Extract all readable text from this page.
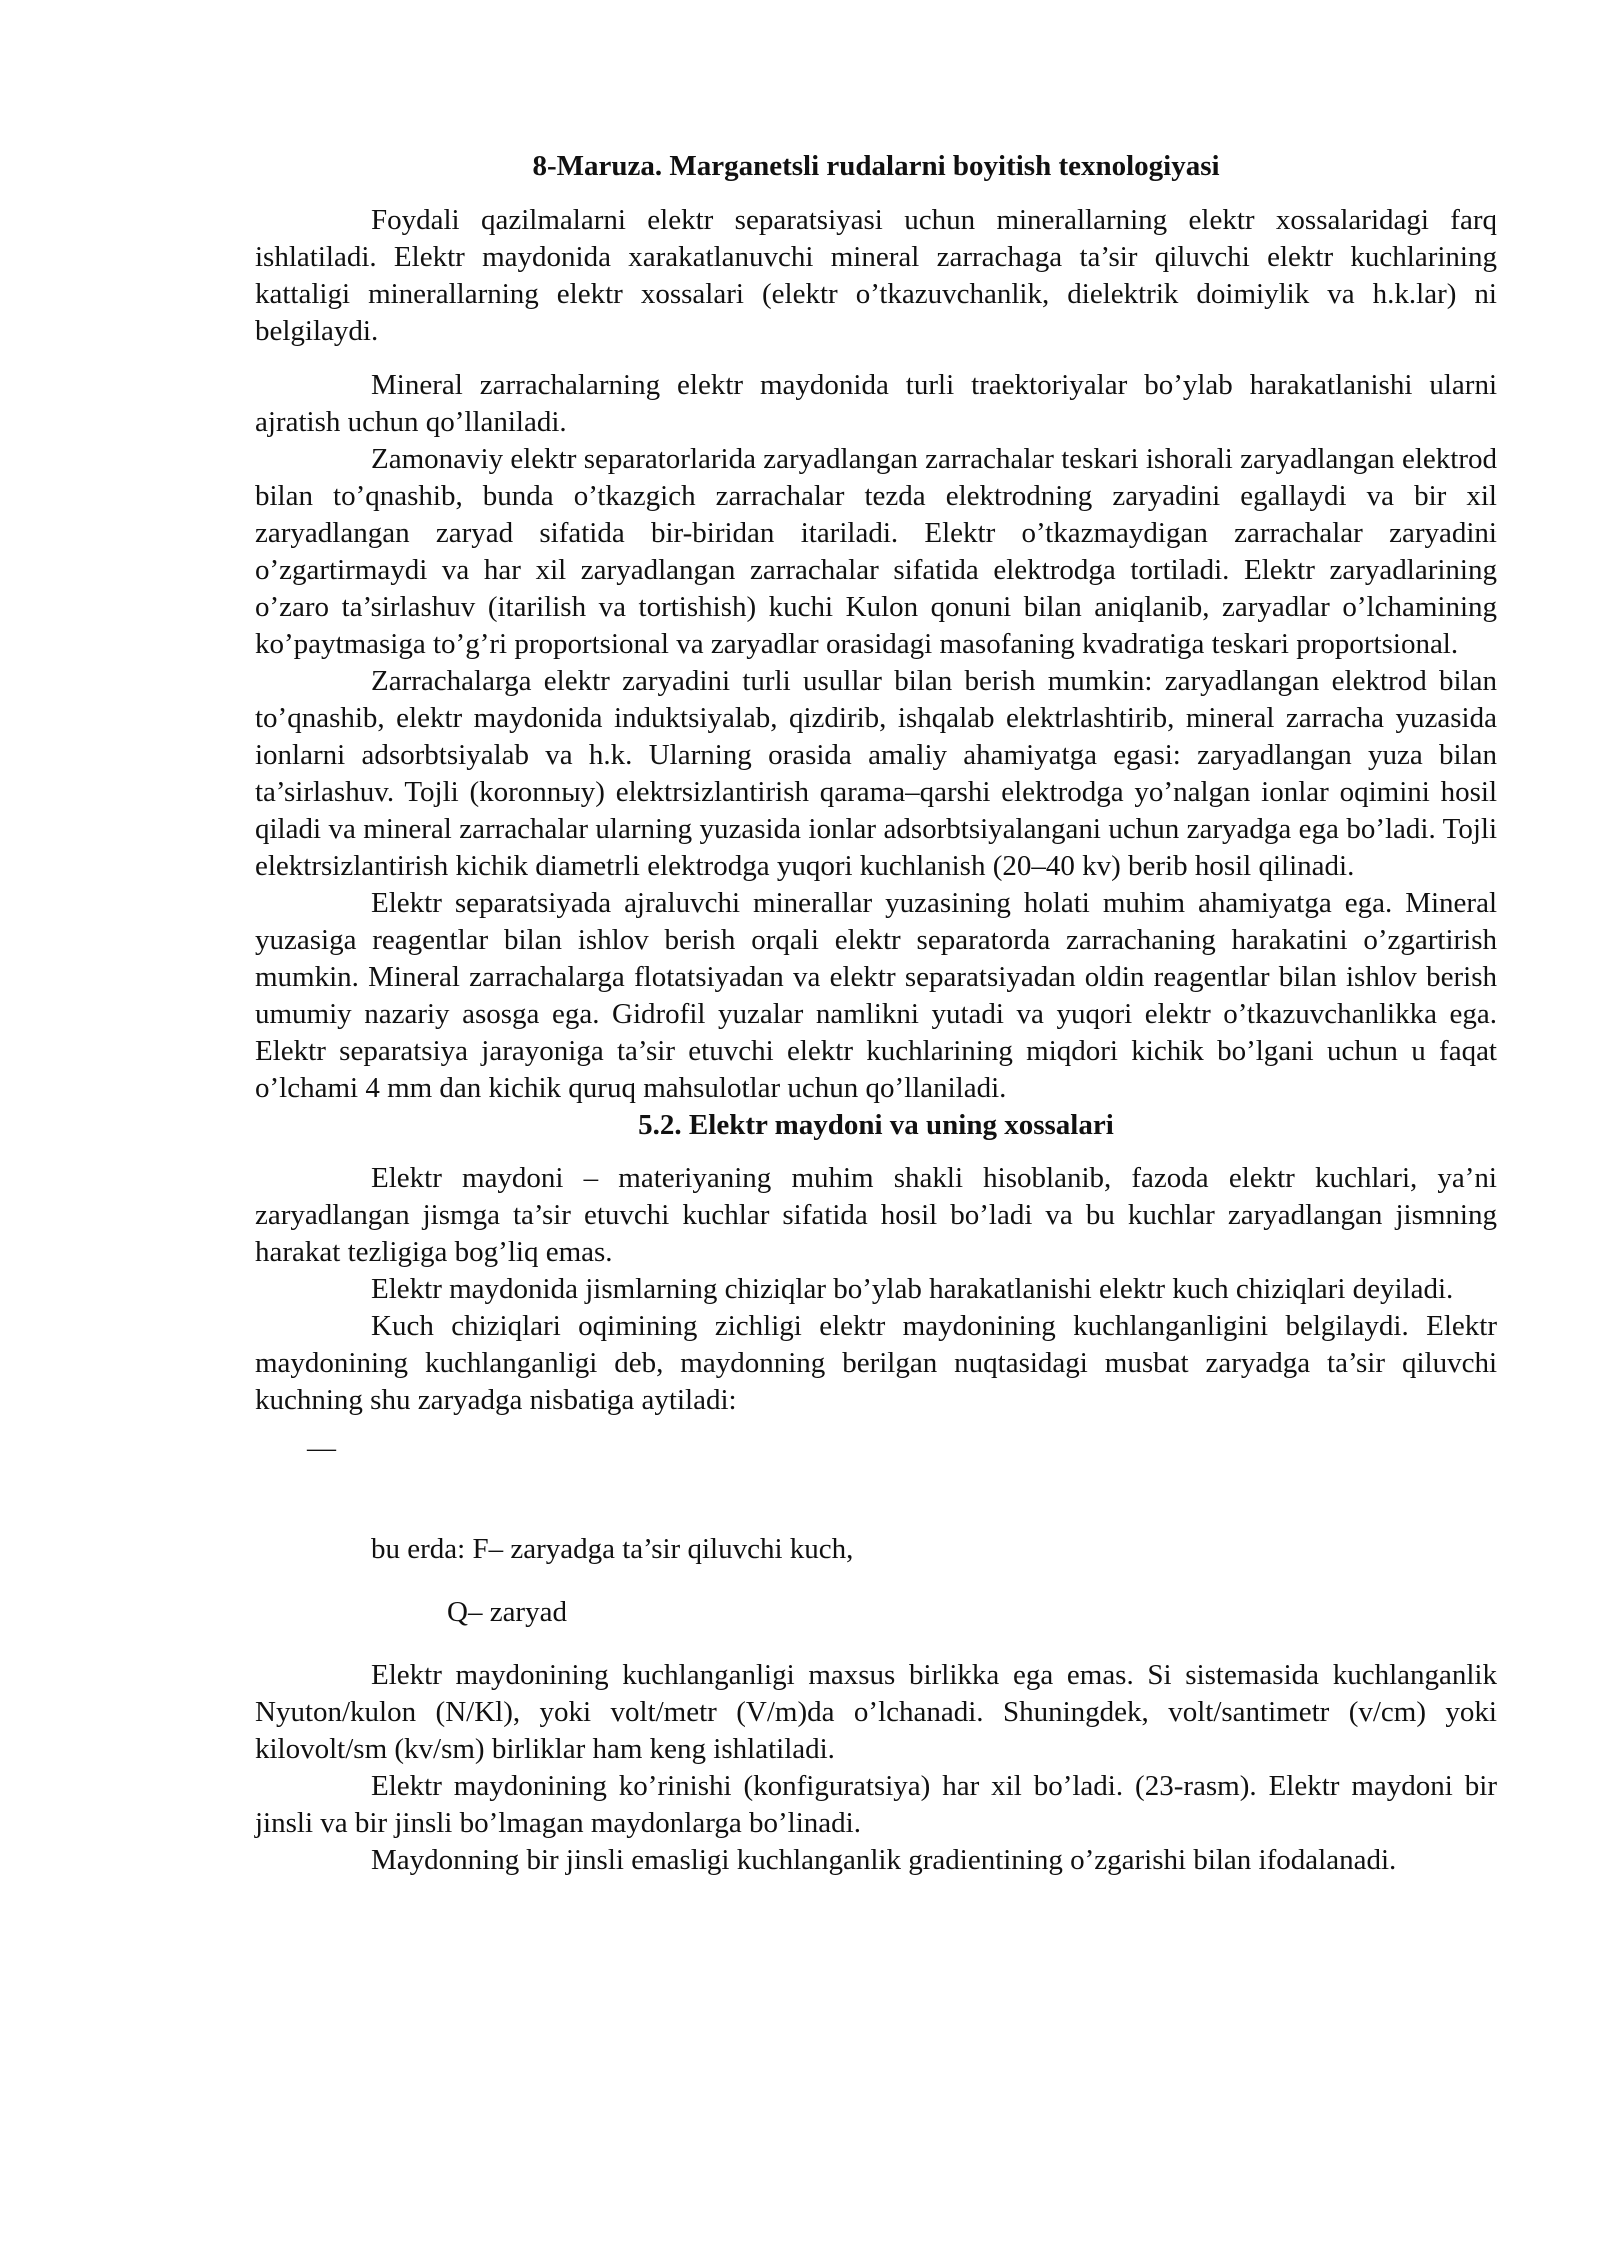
8-Maruza. Marganetsli rudalarni boyitish texnologiyasi

Foydali qazilmalarni elektr separatsiyasi uchun minerallarning elektr xossalaridagi farq ishlatiladi. Elektr maydonida xarakatlanuvchi mineral zarrachaga ta’sir qiluvchi elektr kuchlarining kattaligi minerallarning elektr xossalari (elektr o’tkazuvchanlik, dielektrik doimiylik va h.k.lar) ni belgilaydi.

Mineral zarrachalarning elektr maydonida turli traektoriyalar bo’ylab harakatlanishi ularni ajratish uchun qo’llaniladi.

Zamonaviy elektr separatorlarida zaryadlangan zarrachalar teskari ishorali zaryadlangan elektrod bilan to’qnashib, bunda o’tkazgich zarrachalar tezda elektrodning zaryadini egallaydi va bir xil zaryadlangan zaryad sifatida bir-biridan itariladi. Elektr o’tkazmaydigan zarrachalar zaryadini o’zgartirmaydi va har xil zaryadlangan zarrachalar sifatida elektrodga tortiladi. Elektr zaryadlarining o’zaro ta’sirlashuv (itarilish va tortishish) kuchi Kulon qonuni bilan aniqlanib, zaryadlar o’lchamining ko’paytmasiga to’g’ri proportsional va zaryadlar orasidagi masofaning kvadratiga teskari proportsional.

Zarrachalarga elektr zaryadini turli usullar bilan berish mumkin: zaryadlangan elektrod bilan to’qnashib, elektr maydonida induktsiyalab, qizdirib, ishqalab elektrlashtirib, mineral zarracha yuzasida ionlarni adsorbtsiyalab va h.k. Ularning orasida amaliy ahamiyatga egasi: zaryadlangan yuza bilan ta’sirlashuv. Tojli (koronnыy) elektrsizlantirish qarama–qarshi elektrodga yo’nalgan ionlar oqimini hosil qiladi va mineral zarrachalar ularning yuzasida ionlar adsorbtsiyalangani uchun zaryadga ega bo’ladi. Tojli elektrsizlantirish kichik diametrli elektrodga yuqori kuchlanish (20–40 kv) berib hosil qilinadi.

Elektr separatsiyada ajraluvchi minerallar yuzasining holati muhim ahamiyatga ega. Mineral yuzasiga reagentlar bilan ishlov berish orqali elektr separatorda zarrachaning harakatini o’zgartirish mumkin. Mineral zarrachalarga flotatsiyadan va elektr separatsiyadan oldin reagentlar bilan ishlov berish umumiy nazariy asosga ega. Gidrofil yuzalar namlikni yutadi va yuqori elektr o’tkazuvchanlikka ega. Elektr separatsiya jarayoniga ta’sir etuvchi elektr kuchlarining miqdori kichik bo’lgani uchun u faqat o’lchami 4 mm dan kichik quruq mahsulotlar uchun qo’llaniladi.

5.2. Elektr maydoni va uning xossalari

Elektr maydoni – materiyaning muhim shakli hisoblanib, fazoda elektr kuchlari, ya’ni zaryadlangan jismga ta’sir etuvchi kuchlar sifatida hosil bo’ladi va bu kuchlar zaryadlangan jismning harakat tezligiga bog’liq emas.

Elektr maydonida jismlarning chiziqlar bo’ylab harakatlanishi elektr kuch chiziqlari deyiladi.

Kuch chiziqlari oqimining zichligi elektr maydonining kuchlanganligini belgilaydi. Elektr maydonining kuchlanganligi deb, maydonning berilgan nuqtasidagi musbat zaryadga ta’sir qiluvchi kuchning shu zaryadga nisbatiga aytiladi:

—

bu erda: F– zaryadga ta’sir qiluvchi kuch,

Q– zaryad

Elektr maydonining kuchlanganligi maxsus birlikka ega emas. Si sistemasida kuchlanganlik Nyuton/kulon (N/Kl), yoki volt/metr (V/m)da o’lchanadi. Shuningdek, volt/santimetr (v/cm) yoki kilovolt/sm (kv/sm) birliklar ham keng ishlatiladi.

Elektr maydonining ko’rinishi (konfiguratsiya) har xil bo’ladi. (23-rasm). Elektr maydoni bir jinsli va bir jinsli bo’lmagan maydonlarga bo’linadi.

Maydonning bir jinsli emasligi kuchlanganlik gradientining o’zgarishi bilan ifodalanadi.
